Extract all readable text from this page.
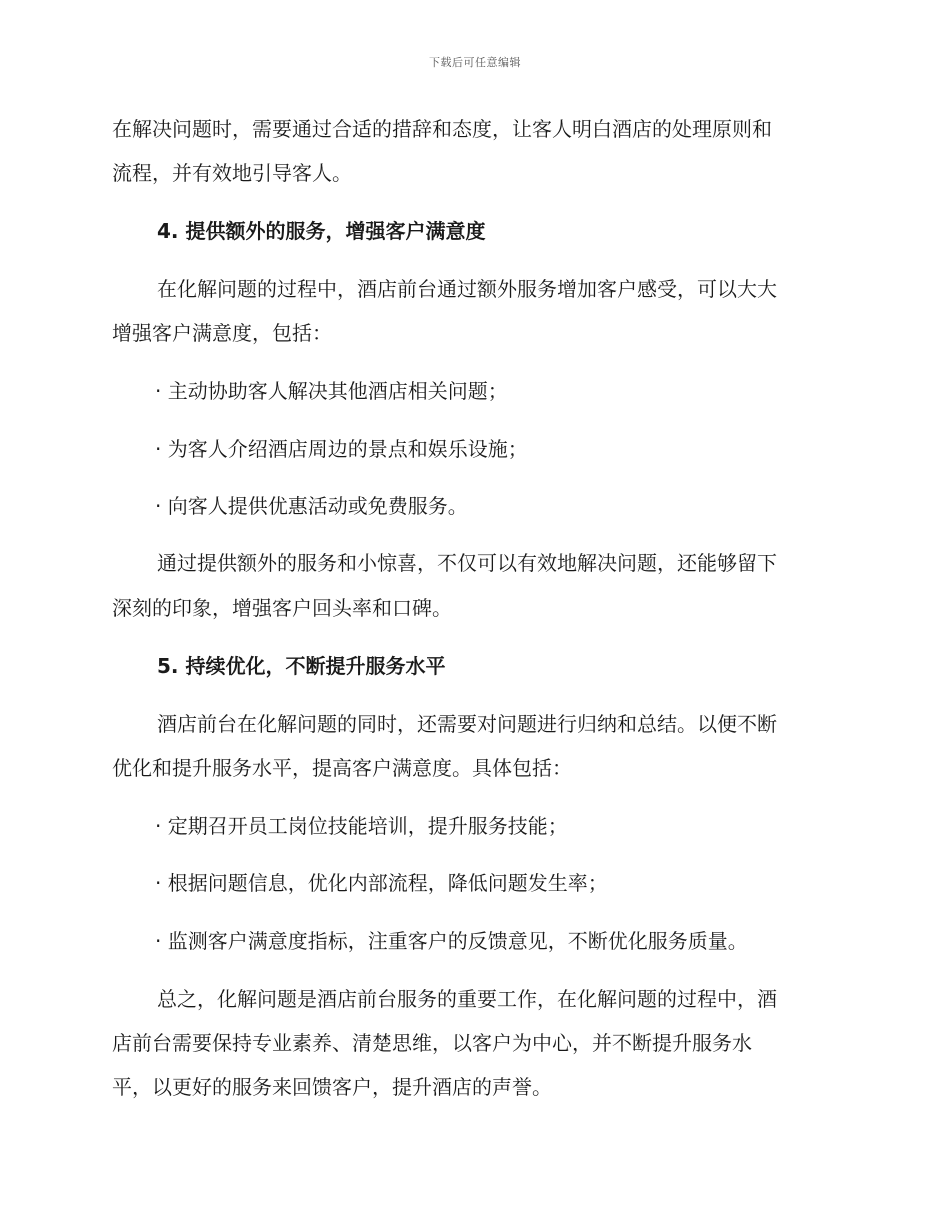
下载后可任意编辑
在解决问题时，需要通过合适的措辞和态度，让客人明白酒店的处理原则和
流程，并有效地引导客人。
4. 提供额外的服务，增强客户满意度
在化解问题的过程中，酒店前台通过额外服务增加客户感受，可以大大
增强客户满意度，包括：
· 主动协助客人解决其他酒店相关问题；
· 为客人介绍酒店周边的景点和娱乐设施；
· 向客人提供优惠活动或免费服务。
通过提供额外的服务和小惊喜，不仅可以有效地解决问题，还能够留下
深刻的印象，增强客户回头率和口碑。
5. 持续优化，不断提升服务水平
酒店前台在化解问题的同时，还需要对问题进行归纳和总结。以便不断
优化和提升服务水平，提高客户满意度。具体包括：
· 定期召开员工岗位技能培训，提升服务技能；
· 根据问题信息，优化内部流程，降低问题发生率；
· 监测客户满意度指标，注重客户的反馈意见，不断优化服务质量。
总之，化解问题是酒店前台服务的重要工作，在化解问题的过程中，酒
店前台需要保持专业素养、清楚思维，以客户为中心，并不断提升服务水
平，以更好的服务来回馈客户，提升酒店的声誉。
